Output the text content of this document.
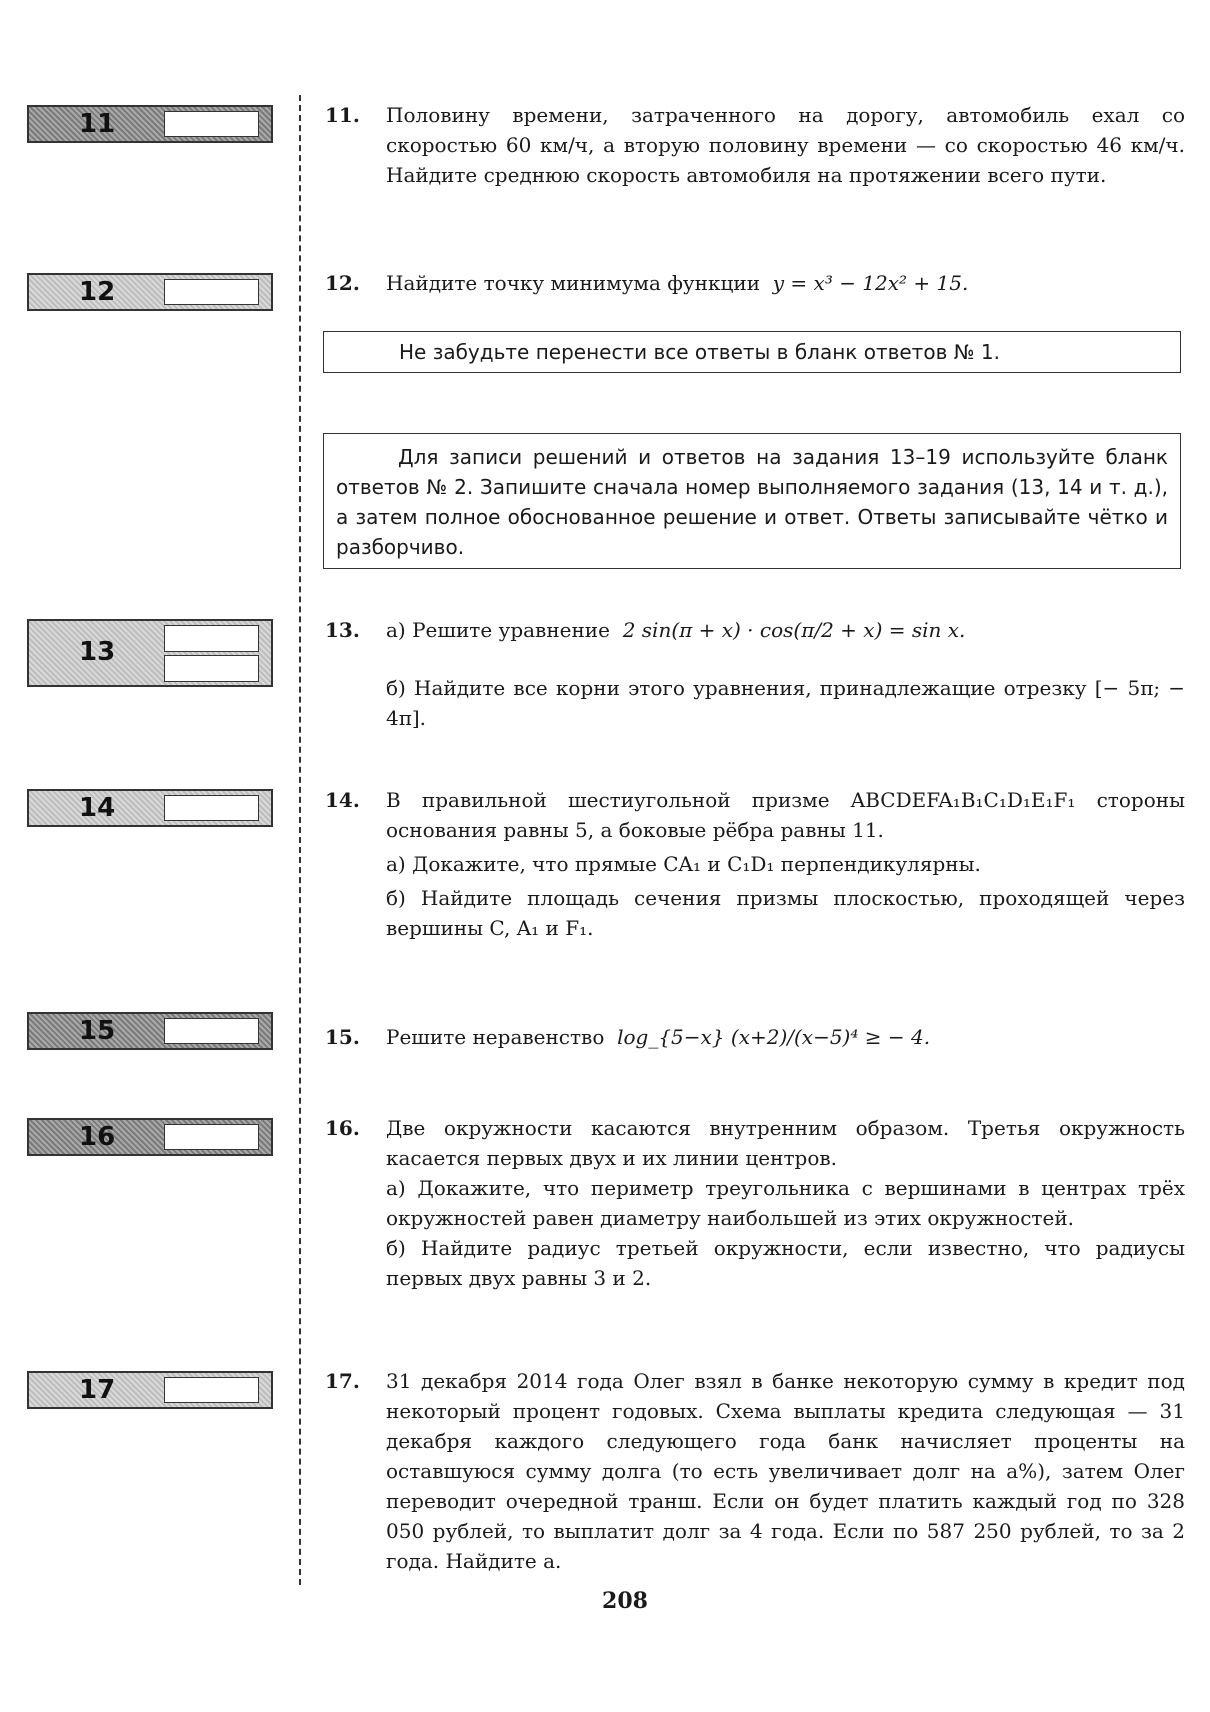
11
12
13
14
15
16
17
11. Половину времени, затраченного на дорогу, автомобиль ехал со скоростью 60 км/ч, а вторую половину времени — со скоростью 46 км/ч. Найдите среднюю скорость автомобиля на протяжении всего пути.
12. Найдите точку минимума функции y = x³ − 12x² + 15.
Не забудьте перенести все ответы в бланк ответов № 1.
Для записи решений и ответов на задания 13–19 используйте бланк ответов № 2. Запишите сначала номер выполняемого задания (13, 14 и т. д.), а затем полное обоснованное решение и ответ. Ответы записывайте чётко и разборчиво.
13. а) Решите уравнение 2 sin(π + x) · cos(π/2 + x) = sin x.

б) Найдите все корни этого уравнения, принадлежащие отрезку [− 5π; − 4π].

14. В правильной шестиугольной призме ABCDEFA₁B₁C₁D₁E₁F₁ стороны основания равны 5, а боковые рёбра равны 11.

а) Докажите, что прямые CA₁ и C₁D₁ перпендикулярны.

б) Найдите площадь сечения призмы плоскостью, проходящей через вершины C, A₁ и F₁.

15. Решите неравенство log_{5−x} (x+2)/(x−5)⁴ ≥ − 4.
16. Две окружности касаются внутренним образом. Третья окружность касается первых двух и их линии центров.

а) Докажите, что периметр треугольника с вершинами в центрах трёх окружностей равен диаметру наибольшей из этих окружностей.

б) Найдите радиус третьей окружности, если известно, что радиусы первых двух равны 3 и 2.

17. 31 декабря 2014 года Олег взял в банке некоторую сумму в кредит под некоторый процент годовых. Схема выплаты кредита следующая — 31 декабря каждого следующего года банк начисляет проценты на оставшуюся сумму долга (то есть увеличивает долг на a%), затем Олег переводит очередной транш. Если он будет платить каждый год по 328 050 рублей, то выплатит долг за 4 года. Если по 587 250 рублей, то за 2 года. Найдите a.
208
